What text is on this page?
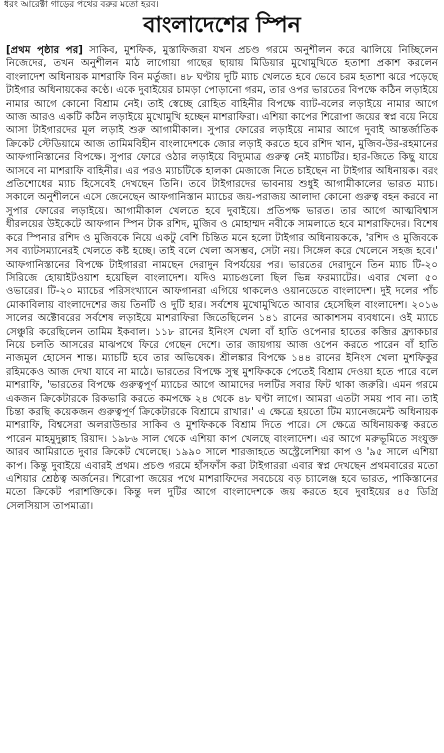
ধরং আরেক্টা গাড়ের পথের বরুর মতো হরব।
বাংলাদেশের স্পিন

[প্রথম পৃষ্ঠার পর] সাকিব, মুশফিক, মুস্তাফিজরা যখন প্রচণ্ড গরমে অনুশীলন করে ঝালিয়ে নিচ্ছিলেন নিজেদের, তখন অনুশীলন মাঠ লাগোয়া গাছের ছায়ায় মিডিয়ার মুখোমুখিতে হতাশা প্রকাশ করলেন বাংলাদেশ অধিনায়ক মাশরাফি বিন মর্তুজা। ৪৮ ঘণ্টায় দুটি ম্যাচ খেলতে হবে ভেবে চরম হতাশা ঝরে পড়েছে টাইগার অধিনায়কের কণ্ঠে। একে দুবাইয়ের চামড়া পোড়ানো গরম, তার ওপর ভারতের বিপক্ষে কঠিন লড়াইয়ে নামার আগে কোনো বিশ্রাম নেই। তাই স্বেচ্ছে রোহিত বাহিনীর বিপক্ষে ব্যাট-বলের লড়াইয়ে নামার আগে আজ আরও একটি কঠিন লড়াইয়ে মুখোমুখি হচ্ছেন মাশরাফিরা। এশিয়া কাপের শিরোপা জয়ের স্বপ্ন বয়ে নিয়ে আসা টাইগারদের মূল লড়াই শুরু আগামীকাল। সুপার ফোরের লড়াইয়ে নামার আগে দুবাই আন্তর্জাতিক ক্রিকেট স্টেডিয়ামে আজ তামিমবিহীন বাংলাদেশকে জোর লড়াই করতে হবে রশিদ খান, মুজিব-উর-রহমানের আফগানিস্তানের বিপক্ষে। সুপার ফোরে ওঠার লড়াইয়ে বিদ্যুমাত্র গুরুত্ব নেই ম্যাচটির। হার-জিতে কিছু যায়ে আসবে না মাশরাফি বাহিনীর। এর পরও ম্যাচটিকে হালকা মেজাজে নিতে চাইছেন না টাইগার অধিনায়ক। বরং প্রতিশোধের ম্যাচ হিসেবেই দেখছেন তিনি। তবে টাইগারদের ভাবনায় শুধুই আগামীকালের ভারত ম্যাচ। সকালে অনুশীলনে এসে জেনেছেন আফগানিস্তান ম্যাচের জয়-পরাজয় আলাদা কোনো গুরুত্ব বহন করবে না সুপার ফোরের লড়াইয়ে। আগামীকাল খেলতে হবে দুবাইয়ে। প্রতিপক্ষ ভারত। তার আগে আত্মবিশ্বাস ধীরলয়ের উইকেটে আফগান স্পিন টাক রশিদ, মুজিব ও মোহাম্মদ নবীকে সামলাতে হবে মাশরাফিদের। বিশেষ করে স্পিনার রশিদ ও মুজিবকে নিয়ে একটু বেশি চিন্তিত মনে হলো টাইগার অধিনায়ককে, 'রশিদ ও মুজিবকে সব ব্যাটসম্যানেরই খেলতে কষ্ট হচ্ছে। তাই বলে খেলা অসম্ভব, সেটা নয়। সিঙ্গেল করে খেলেনে সহজ হবে।' আফগানিস্তানের বিপক্ষে টাইগাররা নামছেন দেরাদুন বিপর্যয়ের পর। ভারতের দেরাদুনে তিন ম্যাচ টি-২০ সিরিজে হোয়াইটওয়াশ হয়েছিল বাংলাদেশ। যদিও ম্যাচগুলো ছিল ভিন্ন ফরম্যাটের। এবার খেলা ৫০ ওভারের। টি-২০ ম্যাচের পরিসংখ্যানে আফগানরা এগিয়ে থাকলেও ওয়ানডেতে বাংলাদেশ। দুই দলের পাঁচ মোকাবিলায় বাংলাদেশের জয় তিনটি ও দুটি হার। সর্বশেষ মুখোমুখিতে আবার হেসেছিল বাংলাদেশ। ২০১৬ সালের অক্টোবরের সর্বশেষ লড়াইয়ে মাশরাফিরা জিতেছিলেন ১৪১ রানের আকাশসম ব্যবধানে। ওই ম্যাচে সেঞ্চুরি করেছিলেন তামিম ইকবাল। ১১৮ রানের ইনিংস খেলা বাঁ হাতি ওপেনার হাতের কব্জির ফ্র্যাকচার নিয়ে চলতি আসরের মাঝপথে ফিরে গেছেন দেশে। তার জায়গায় আজ ওপেন করতে পারেন বাঁ হাতি নাজমুল হোসেন শান্ত। ম্যাচটি হবে তার অভিষেক। শ্রীলঙ্কার বিপক্ষে ১৪৪ রানের ইনিংস খেলা মুশফিকুর রহিমকেও আজ দেখা যাবে না মাঠে। ভারতের বিপক্ষে সুস্থ মুশফিককে পেতেই বিশ্রাম দেওয়া হতে পারে বলে মাশরাফি, 'ভারতের বিপক্ষে গুরুত্বপূর্ণ ম্যাচের আগে আমাদের দলটির সবার ফিট থাকা জরুরি। এমন গরমে একজন ক্রিকেটারকে রিকভারি করতে কমপক্ষে ২৪ থেকে ৪৮ ঘণ্টা লাগে। আমরা এতটা সময় পাব না। তাই চিন্তা করছি কয়েকজন গুরুত্বপূর্ণ ক্রিকেটারকে বিশ্রামে রাখার।' এ ক্ষেত্রে হয়তো টিম ম্যানেজমেন্ট অধিনায়ক মাশরাফি, বিশ্বসেরা অলরাউন্ডার সাকিব ও মুশফিককে বিশ্রাম দিতে পারে। সে ক্ষেত্রে অধিনায়কত্ব করতে পারেন মাহমুদুল্লাহ রিয়াদ। ১৯৮৬ সাল থেকে এশিয়া কাপ খেলছে বাংলাদেশ। এর আগে মরুভূমিতে সংযুক্ত আরব আমিরাতে দুবার ক্রিকেট খেলেছে। ১৯৯০ সালে শারজাহতে অস্ট্রেলেশিয়া কাপ ও '৯৫ সালে এশিয়া কাপ। কিন্তু দুবাইয়ে এবারই প্রথম। প্রচণ্ড গরমে হাঁসফাঁস করা টাইগাররা এবার স্বপ্ন দেখছেন প্রথমবারের মতো এশিয়ার শ্রেষ্ঠত্ব অর্জনের। শিরোপা জয়ের পথে মাশরাফিদের সবচেয়ে বড় চ্যালেঞ্জ হবে ভারত, পাকিস্তানের মতো ক্রিকেট পরাশক্তিকে। কিন্তু দল দুটির আগে বাংলাদেশকে জয় করতে হবে দুবাইয়ের ৪৫ ডিগ্রি সেলসিয়াস তাপমাত্রা।
